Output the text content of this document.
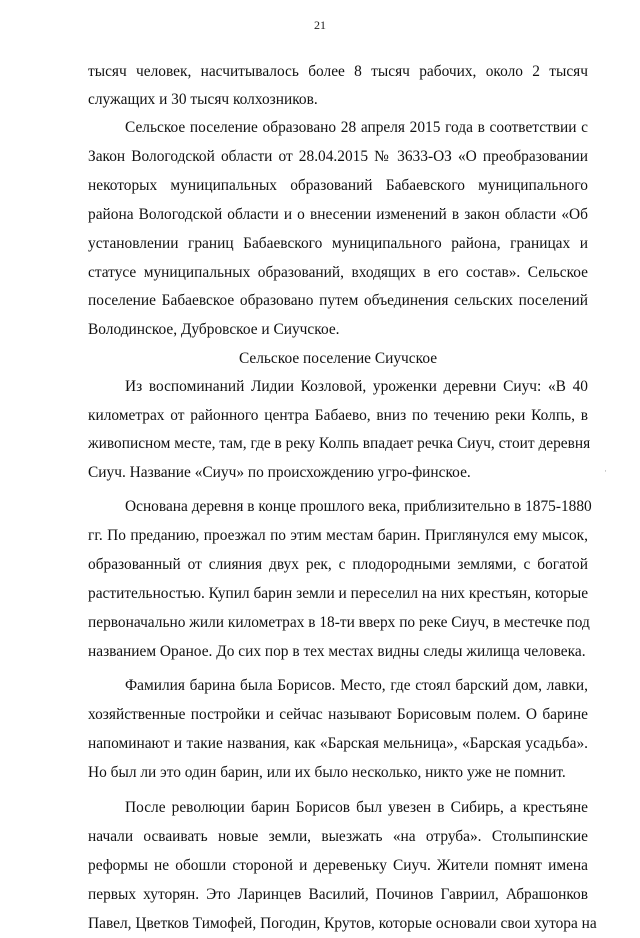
21
тысяч человек, насчитывалось более 8 тысяч рабочих, около 2 тысяч
служащих и 30 тысяч колхозников.
Сельское поселение образовано 28 апреля 2015 года в соответствии с
Закон Вологодской области от 28.04.2015 № 3633-ОЗ «О преобразовании
некоторых муниципальных образований Бабаевского муниципального
района Вологодской области и о внесении изменений в закон области «Об
установлении границ Бабаевского муниципального района, границах и
статусе муниципальных образований, входящих в его состав». Сельское
поселение Бабаевское образовано путем объединения сельских поселений
Володинское, Дубровское и Сиучское.
Сельское поселение Сиучское
Из воспоминаний Лидии Козловой, уроженки деревни Сиуч: «В 40
километрах от районного центра Бабаево, вниз по течению реки Колпь, в
живописном месте, там, где в реку Колпь впадает речка Сиуч, стоит деревня
Сиуч. Название «Сиуч» по происхождению угро-финское.
Основана деревня в конце прошлого века, приблизительно в 1875-1880
гг. По преданию, проезжал по этим местам барин. Приглянулся ему мысок,
образованный от слияния двух рек, с плодородными землями, с богатой
растительностью. Купил барин земли и переселил на них крестьян, которые
первоначально жили километрах в 18-ти вверх по реке Сиуч, в местечке под
названием Ораное. До сих пор в тех местах видны следы жилища человека.
Фамилия барина была Борисов. Место, где стоял барский дом, лавки,
хозяйственные постройки и сейчас называют Борисовым полем. О барине
напоминают и такие названия, как «Барская мельница», «Барская усадьба».
Но был ли это один барин, или их было несколько, никто уже не помнит.
После революции барин Борисов был увезен в Сибирь, а крестьяне
начали осваивать новые земли, выезжать «на отруба». Столыпинские
реформы не обошли стороной и деревеньку Сиуч. Жители помнят имена
первых хуторян. Это Ларинцев Василий, Починов Гавриил, Абрашонков
Павел, Цветков Тимофей, Погодин, Крутов, которые основали свои хутора на
·
